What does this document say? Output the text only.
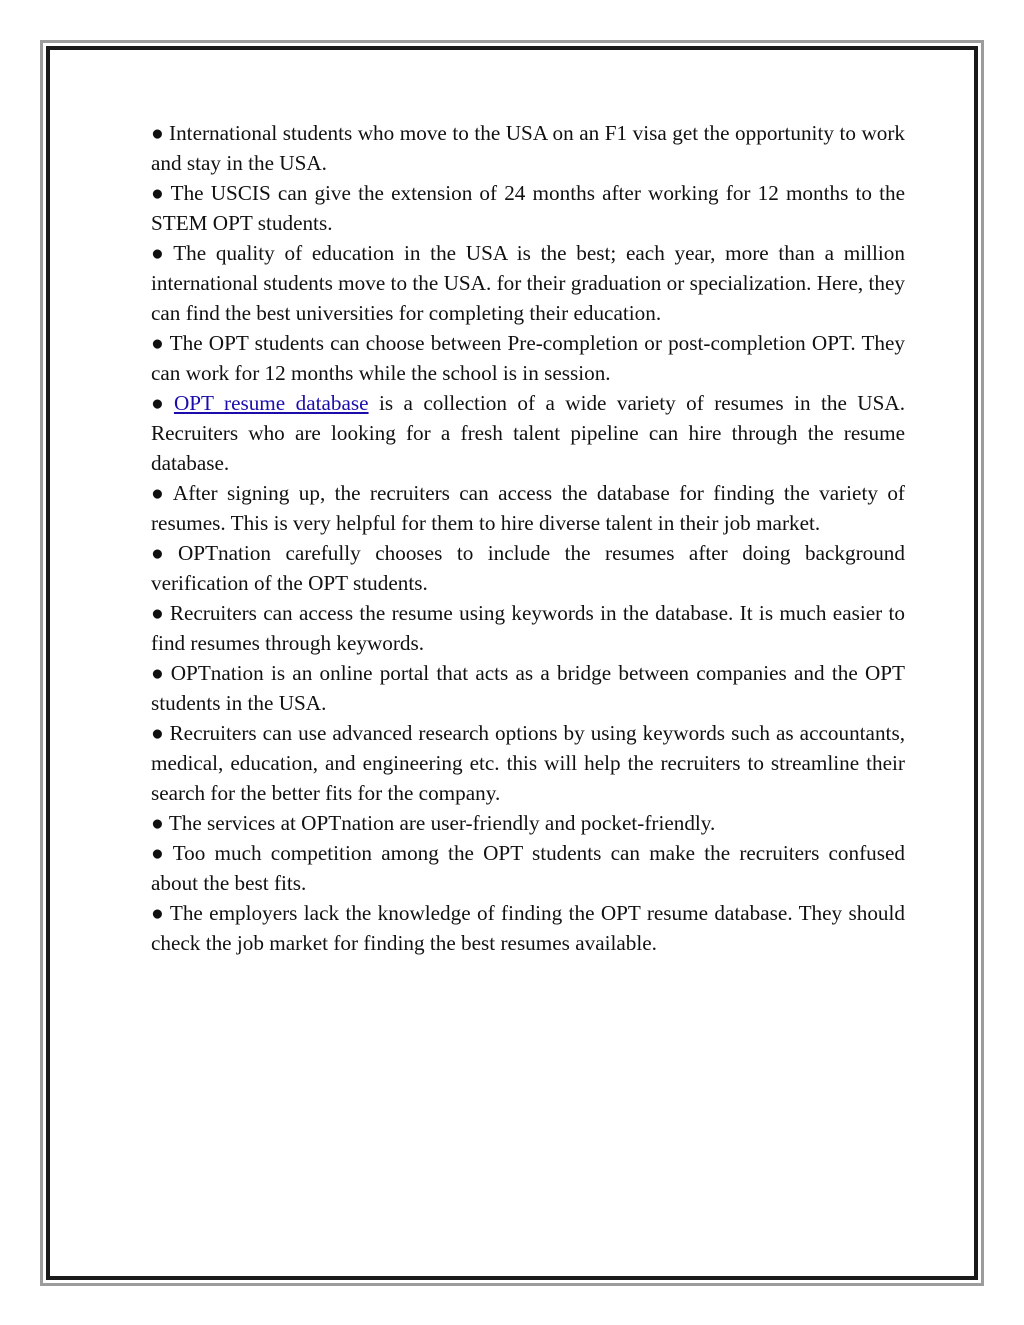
● International students who move to the USA on an F1 visa get the opportunity to work and stay in the USA.

● The USCIS can give the extension of 24 months after working for 12 months to the STEM OPT students.

● The quality of education in the USA is the best; each year, more than a million international students move to the USA. for their graduation or specialization. Here, they can find the best universities for completing their education.

● The OPT students can choose between Pre-completion or post-completion OPT. They can work for 12 months while the school is in session.

● OPT resume database is a collection of a wide variety of resumes in the USA. Recruiters who are looking for a fresh talent pipeline can hire through the resume database.

● After signing up, the recruiters can access the database for finding the variety of resumes. This is very helpful for them to hire diverse talent in their job market.

● OPTnation carefully chooses to include the resumes after doing background verification of the OPT students.

● Recruiters can access the resume using keywords in the database. It is much easier to find resumes through keywords.

● OPTnation is an online portal that acts as a bridge between companies and the OPT students in the USA.

● Recruiters can use advanced research options by using keywords such as accountants, medical, education, and engineering etc. this will help the recruiters to streamline their search for the better fits for the company.

● The services at OPTnation are user-friendly and pocket-friendly.

● Too much competition among the OPT students can make the recruiters confused about the best fits.

● The employers lack the knowledge of finding the OPT resume database. They should check the job market for finding the best resumes available.
